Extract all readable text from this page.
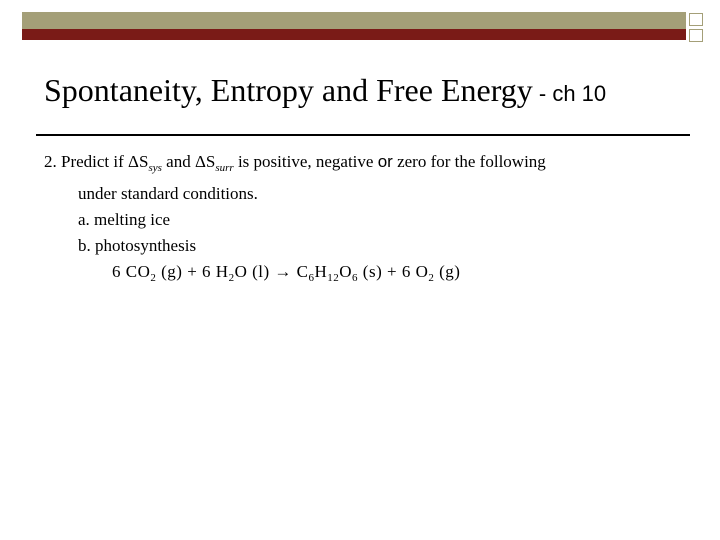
Spontaneity, Entropy and Free Energy - ch 10
2. Predict if $\Delta S_{sys}$ and $\Delta S_{surr}$ is positive, negative or zero for the following
under standard conditions.
a. melting ice
b. photosynthesis
6 $CO_2$ (g) + 6 $H_2O$ $(l) \to C_6H_{12}O_6$ (s) + 6 $O_2$ (g)
